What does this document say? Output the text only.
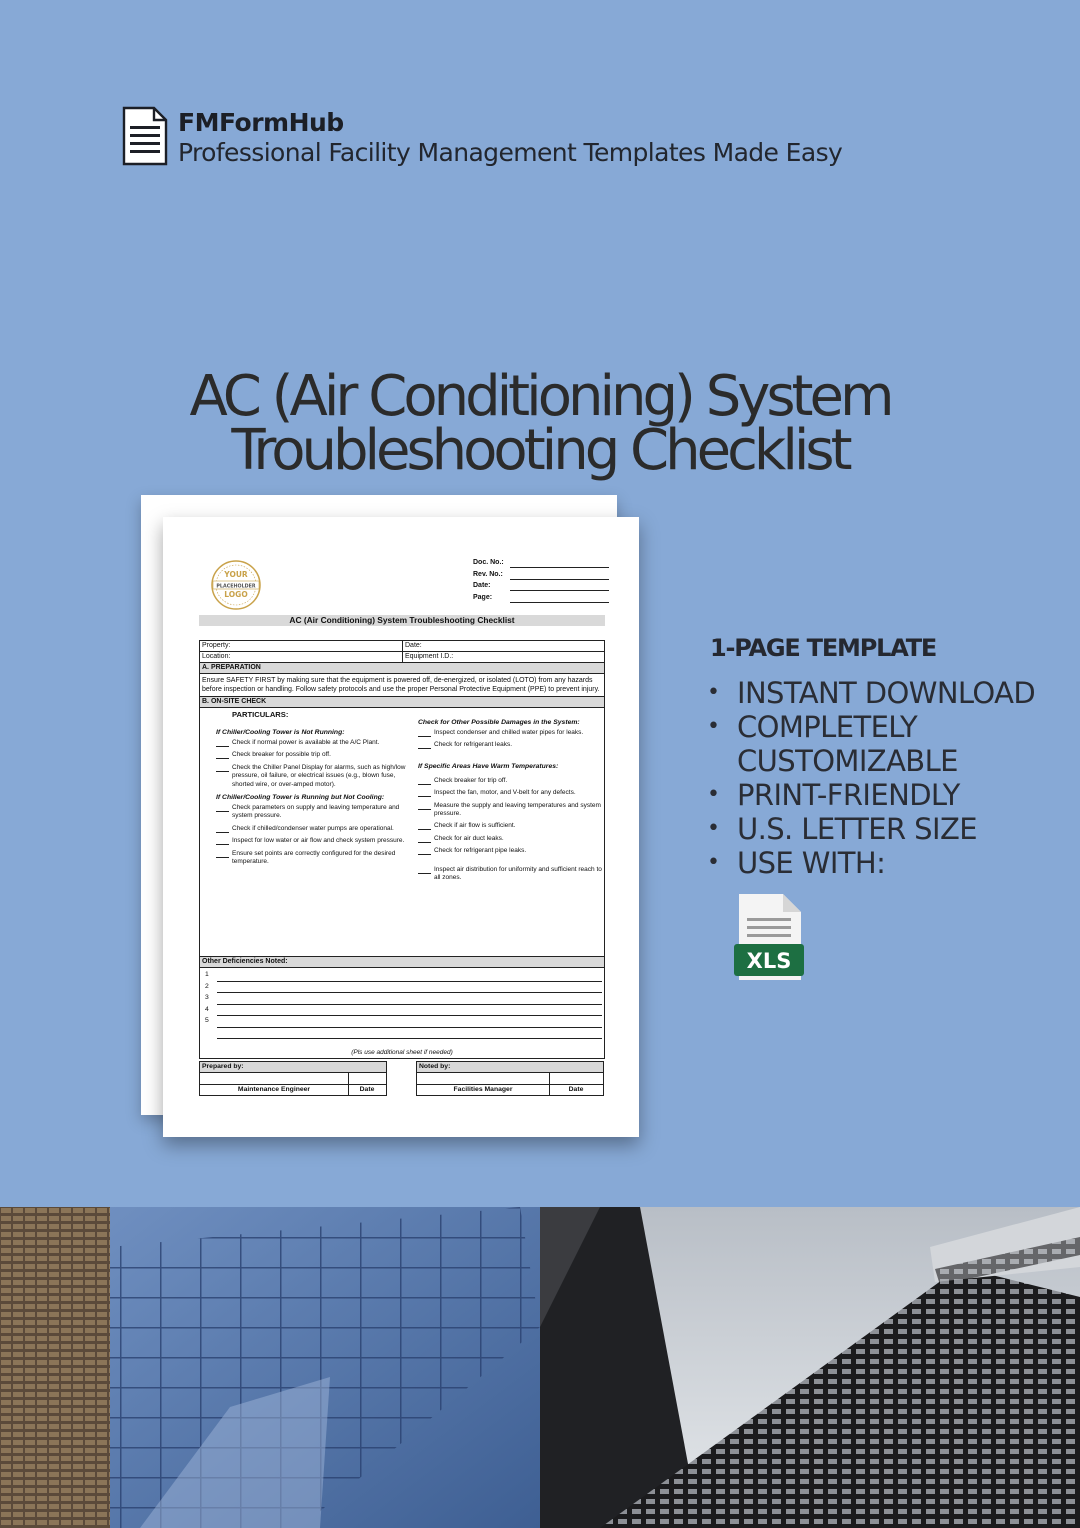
FMFormHub
Professional Facility Management Templates Made Easy
AC (Air Conditioning) System
Troubleshooting Checklist
YOUR
PLACEHOLDER
LOGO
Doc. No.:
Rev. No.:
Date:
Page:
AC (Air Conditioning) System Troubleshooting Checklist
Property:	Date:
Location:	Equipment I.D.:
A. PREPARATION
Ensure SAFETY FIRST by making sure that the equipment is powered off, de-energized, or isolated (LOTO) from any hazards before inspection or handling. Follow safety protocols and use the proper Personal Protective Equipment (PPE) to prevent injury.
B. ON-SITE CHECK
PARTICULARS:
If Chiller/Cooling Tower is Not Running:
Check if normal power is available at the A/C Plant.
Check breaker for possible trip off.
Check the Chiller Panel Display for alarms, such as high/low pressure, oil failure, or electrical issues (e.g., blown fuse, shorted wire, or over-amped motor).
If Chiller/Cooling Tower is Running but Not Cooling:
Check parameters on supply and leaving temperature and system pressure.
Check if chilled/condenser water pumps are operational.
Inspect for low water or air flow and check system pressure.
Ensure set points are correctly configured for the desired temperature.
Check for Other Possible Damages in the System:
Inspect condenser and chilled water pipes for leaks.
Check for refrigerant leaks.
If Specific Areas Have Warm Temperatures:
Check breaker for trip off.
Inspect the fan, motor, and V-belt for any defects.
Measure the supply and leaving temperatures and system pressure.
Check if air flow is sufficient.
Check for air duct leaks.
Check for refrigerant pipe leaks.
Inspect air distribution for uniformity and sufficient reach to all zones.
Other Deficiencies Noted:
1
2
3
4
5
(Pls use additional sheet if needed)
Prepared by:
Maintenance Engineer	Date
Noted by:
Facilities Manager	Date
1-PAGE TEMPLATE
• INSTANT DOWNLOAD
• COMPLETELY CUSTOMIZABLE
• PRINT-FRIENDLY
• U.S. LETTER SIZE
• USE WITH:
XLS
